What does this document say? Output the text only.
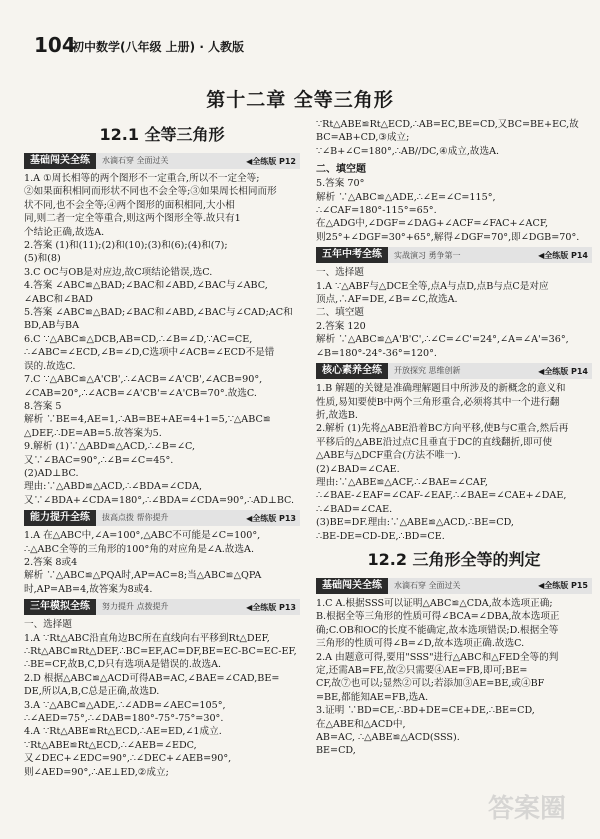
104
初中数学(八年级 上册) · 人教版
第十二章 全等三角形
12.1 全等三角形
基础闯关全练	水滴石穿 全面过关	◀全练版 P12
1.A ①周长相等的两个图形不一定重合,所以不一定全等;
②如果面积相同而形状不同也不会全等;③如果周长相同而形
状不同,也不会全等;④两个图形的面积相同,大小相
同,则二者一定全等重合,则这两个图形全等.故只有1
个结论正确,故选A.
2.答案 (1)和(11);(2)和(10);(3)和(6);(4)和(7);
(5)和(8)
3.C OC与OB是对应边,故C项结论错误,选C.
4.答案 ∠ABC≌△BAD;∠BAC和∠ABD,∠BAC与∠ABC,
∠ABC和∠BAD
5.答案 ∠ABC≌△BAD;∠BAC和∠ABD,∠BAC与∠CAD;AC和
BD,AB与BA
6.C ∵△ABC≌△DCB,AB=CD,∴∠B=∠D,∵AC=CE,
∴∠ABC=∠ECD,∠B=∠D,C选项中∠ACB=∠ECD不是错
误的.故选C.
7.C ∵△ABC≌△A'CB',∴∠ACB=∠A'CB',∠ACB=90°,
∠CAB=20°,∴∠ACB=∠A'CB'=∠A'CB=70°.故选C.
8.答案 5
解析 ∵BE=4,AE=1,∴AB=BE+AE=4+1=5,∵△ABC≌
△DEF,∴DE=AB=5.故答案为5.
9.解析 (1)∵△ABD≌△ACD,∴∠B=∠C,
又∵∠BAC=90°,∴∠B=∠C=45°.
(2)AD⊥BC.
理由:∵△ABD≌△ACD,∴∠BDA=∠CDA,
又∵∠BDA+∠CDA=180°,∴∠BDA=∠CDA=90°,∴AD⊥BC.
能力提升全练	拔高点拨 帮你提升	◀全练版 P13
1.A 在△ABC中,∠A=100°,△ABC不可能是∠C=100°,
∴△ABC全等的三角形的100°角的对应角是∠A.故选A.
2.答案 8或4
解析 ∵△ABC≌△PQA时,AP=AC=8;当△ABC≌△QPA
时,AP=AB=4,故答案为8或4.
三年模拟全练	努力提升 点拨提升	◀全练版 P13
一、选择题
1.A ∵Rt△ABC沿直角边BC所在直线向右平移到Rt△DEF,
∴Rt△ABC≌Rt△DEF,∴BC=EF,AC=DF,BE=EC-BC=EC-EF,
∴BE=CF,故B,C,D只有选项A是错误的.故选A.
2.D 根据△ABC≌△ACD可得AB=AC,∠BAE=∠CAD,BE=
DE,所以A,B,C总是正确,故选D.
3.A ∵△ABC≌△ADE,∴∠ADB=∠AEC=105°,
∴∠AED=75°,∴∠DAB=180°-75°-75°=30°.
4.A ∵Rt△ABE≌Rt△ECD,∴AE=ED,∠1成立.
∵Rt△ABE≌Rt△ECD,∴∠AEB=∠EDC,
又∠DEC+∠EDC=90°,∴∠DEC+∠AEB=90°,
则∠AED=90°,∴AE⊥ED,②成立;
∵Rt△ABE≌Rt△ECD,∴AB=EC,BE=CD,又BC=BE+EC,故
BC=AB+CD,③成立;
∵∠B+∠C=180°,∴AB//DC,④成立,故选A.
二、填空题
5.答案 70°
解析 ∵△ABC≌△ADE,∴∠E=∠C=115°,
∴∠CAF=180°-115°=65°.
在△ADG中,∠DGF=∠DAG+∠ACF=∠FAC+∠ACF,
则25°+∠DGF=30°+65°,解得∠DGF=70°,即∠DGB=70°.
五年中考全练	实战演习 勇争第一	◀全练版 P14
一、选择题
1.A ∵△ABF与△DCE全等,点A与点D,点B与点C是对应
顶点,∴AF=DE,∠B=∠C,故选A.
二、填空题
2.答案 120
解析 ∵△ABC≌△A'B'C',∴∠C=∠C'=24°,∠A=∠A'=36°,
∠B=180°-24°-36°=120°.
核心素养全练	开放探究 思维创新	◀全练版 P14
1.B 解题的关键是准确理解题目中所涉及的新概念的意义和
性质,易知要使B中两个三角形重合,必须将其中一个进行翻
折,故选B.
2.解析 (1)先将△ABE沿着BC方向平移,使B与C重合,然后再
平移后的△ABE沿过点C且垂直于DC的直线翻折,即可使
△ABE与△DCF重合(方法不唯一).
(2)∠BAD=∠CAE.
理由:∵△ABE≌△ACF,∴∠BAE=∠CAF,
∴∠BAE-∠EAF=∠CAF-∠EAF,∴∠BAE=∠CAE+∠DAE,
∴∠BAD=∠CAE.
(3)BE=DF.理由:∵△ABE≌△ACD,∴BE=CD,
∴BE-DE=CD-DE,∴BD=CE.
12.2 三角形全等的判定
基础闯关全练	水滴石穿 全面过关	◀全练版 P15
1.C A.根据SSS可以证明△ABC≌△CDA,故本选项正确;
B.根据全等三角形的性质可得∠BCA=∠DBA,故本选项正
确;C.OB和OC的长度不能确定,故本选项错误;D.根据全等
三角形的性质可得∠B=∠D,故本选项正确.故选C.
2.A 由题意可得,要用"SSS"进行△ABC和△FED全等的判
定,还需AB=FE,故②只需要④AE=FB,即可;BE=
CF,故⑦也可以;显然②可以;若添加③AE=BE,或④BF
=BE,都能知AE=FB,选A.
3.证明 ∵BD=CE,∴BD+DE=CE+DE,∴BE=CD,
在△ABE和△ACD中,
AB=AC, ∴△ABE≌△ACD(SSS).
BE=CD,
答案圈
